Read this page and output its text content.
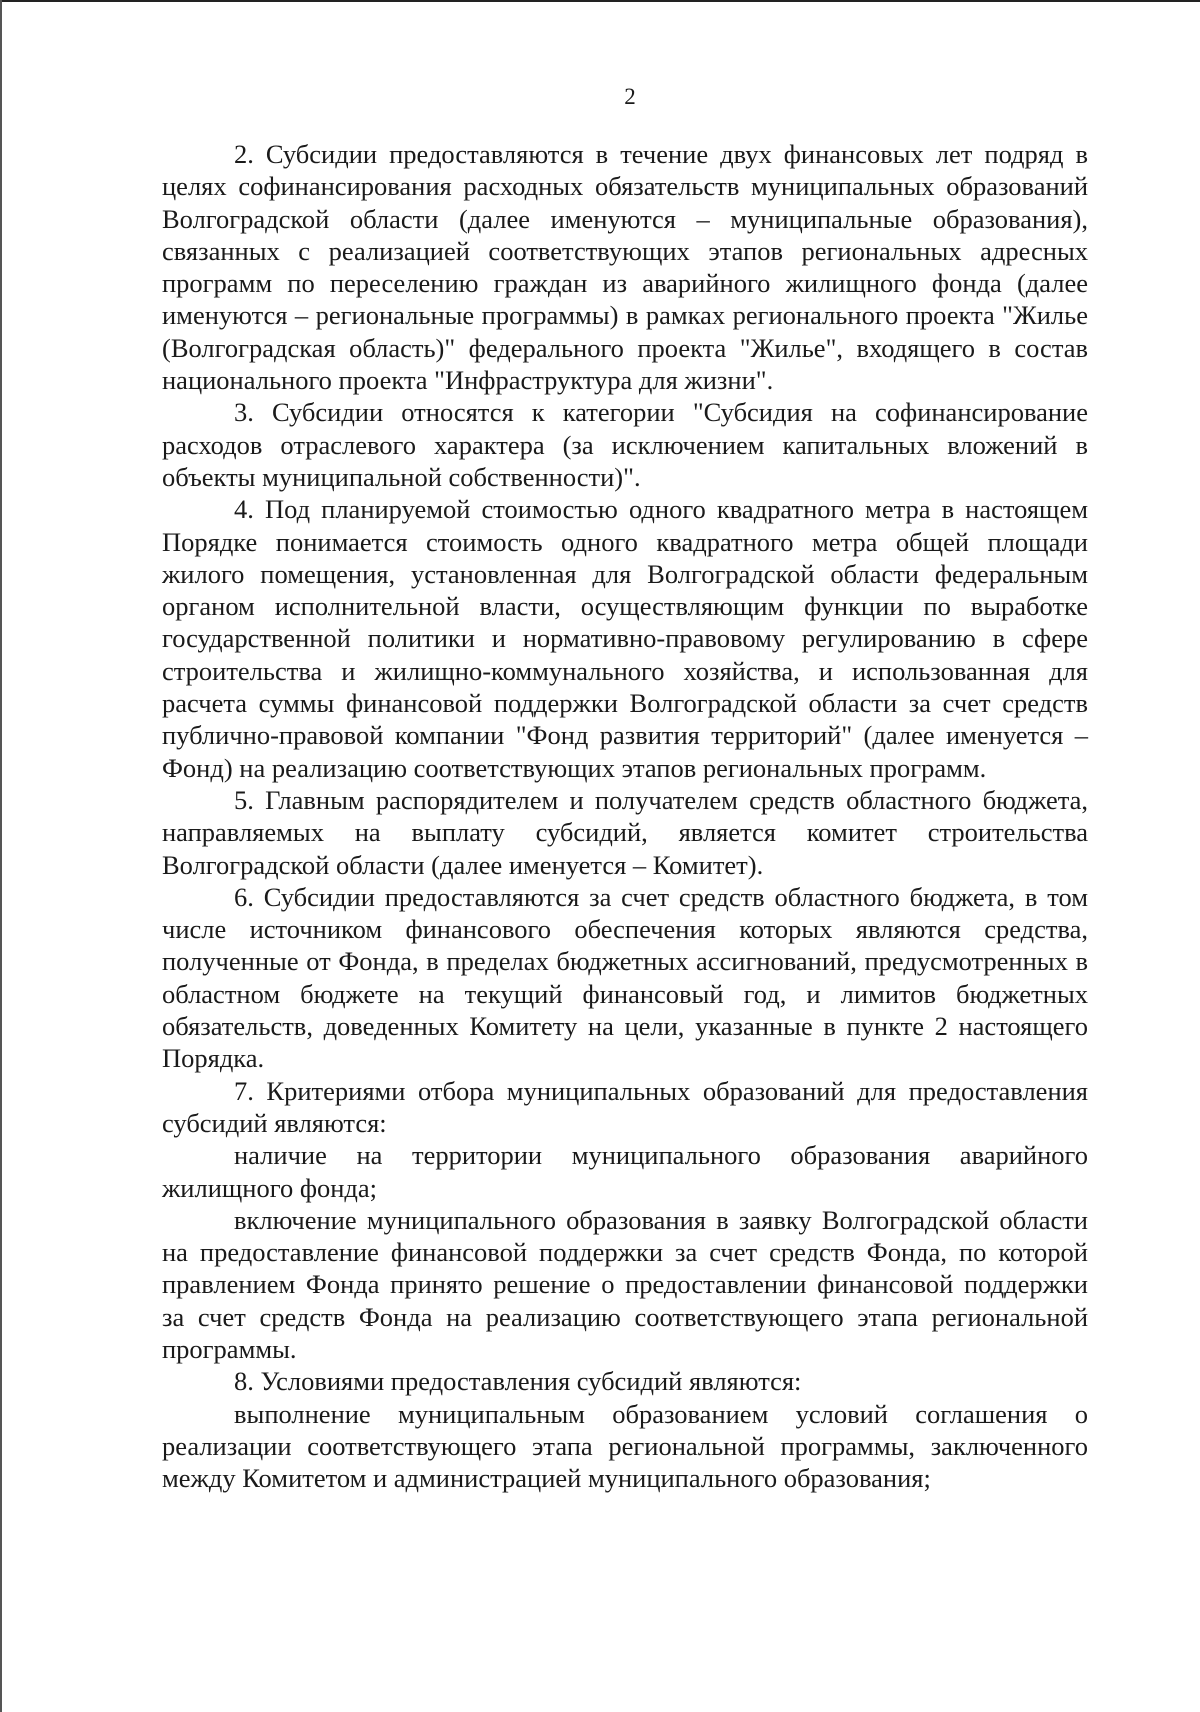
2

2. Субсидии предоставляются в течение двух финансовых лет подряд в целях софинансирования расходных обязательств муниципальных образований Волгоградской области (далее именуются – муниципальные образования), связанных с реализацией соответствующих этапов региональных адресных программ по переселению граждан из аварийного жилищного фонда (далее именуются – региональные программы) в рамках регионального проекта "Жилье (Волгоградская область)" федерального проекта "Жилье", входящего в состав национального проекта "Инфраструктура для жизни".

3. Субсидии относятся к категории "Субсидия на софинансирование расходов отраслевого характера (за исключением капитальных вложений в объекты муниципальной собственности)".

4. Под планируемой стоимостью одного квадратного метра в настоящем Порядке понимается стоимость одного квадратного метра общей площади жилого помещения, установленная для Волгоградской области федеральным органом исполнительной власти, осуществляющим функции по выработке государственной политики и нормативно-правовому регулированию в сфере строительства и жилищно-коммунального хозяйства, и использованная для расчета суммы финансовой поддержки Волгоградской области за счет средств публично-правовой компании "Фонд развития территорий" (далее именуется – Фонд) на реализацию соответствующих этапов региональных программ.

5. Главным распорядителем и получателем средств областного бюджета, направляемых на выплату субсидий, является комитет строительства Волгоградской области (далее именуется – Комитет).

6. Субсидии предоставляются за счет средств областного бюджета, в том числе источником финансового обеспечения которых являются средства, полученные от Фонда, в пределах бюджетных ассигнований, предусмотренных в областном бюджете на текущий финансовый год, и лимитов бюджетных обязательств, доведенных Комитету на цели, указанные в пункте 2 настоящего Порядка.

7. Критериями отбора муниципальных образований для предоставления субсидий являются:

наличие на территории муниципального образования аварийного жилищного фонда;

включение муниципального образования в заявку Волгоградской области на предоставление финансовой поддержки за счет средств Фонда, по которой правлением Фонда принято решение о предоставлении финансовой поддержки за счет средств Фонда на реализацию соответствующего этапа региональной программы.

8. Условиями предоставления субсидий являются:

выполнение муниципальным образованием условий соглашения о реализации соответствующего этапа региональной программы, заключенного между Комитетом и администрацией муниципального образования;
